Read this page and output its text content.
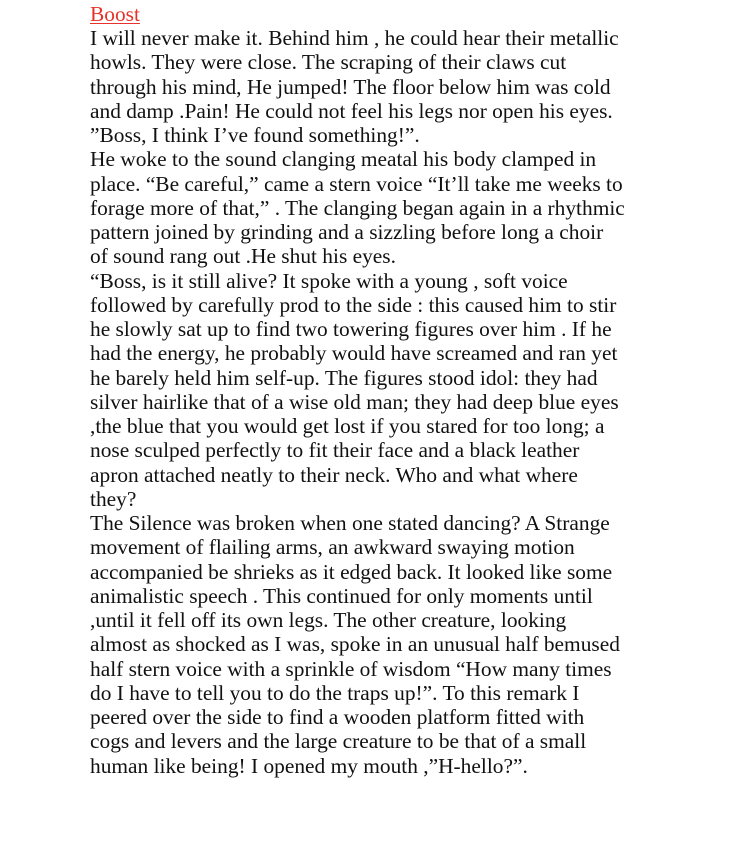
Boost
I will never make it. Behind him , he could hear their metallic
howls. They were close. The scraping of their claws cut
through his mind, He jumped! The floor below him was cold
and damp .Pain! He could not feel his legs nor open his eyes.
”Boss, I think I’ve found something!”.
He woke to the sound clanging meatal his body clamped in
place. “Be careful,” came a stern voice “It’ll take me weeks to
forage more of that,” . The clanging began again in a rhythmic
pattern joined by grinding and a sizzling before long a choir
of sound rang out .He shut his eyes.
“Boss, is it still alive? It spoke with a young , soft voice
followed by carefully prod to the side : this caused him to stir
he slowly sat up to find two towering figures over him . If he
had the energy, he probably would have screamed and ran yet
he barely held him self-up. The figures stood idol: they had
silver hairlike that of a wise old man; they had deep blue eyes
,the blue that you would get lost if you stared for too long; a
nose sculped perfectly to fit their face and a black leather
apron attached neatly to their neck. Who and what where
they?
The Silence was broken when one stated dancing? A Strange
movement of flailing arms, an awkward swaying motion
accompanied be shrieks as it edged back. It looked like some
animalistic speech . This continued for only moments until
,until it fell off its own legs. The other creature, looking
almost as shocked as I was, spoke in an unusual half bemused
half stern voice with a sprinkle of wisdom “How many times
do I have to tell you to do the traps up!”. To this remark I
peered over the side to find a wooden platform fitted with
cogs and levers and the large creature to be that of a small
human like being! I opened my mouth ,”H-hello?”.
